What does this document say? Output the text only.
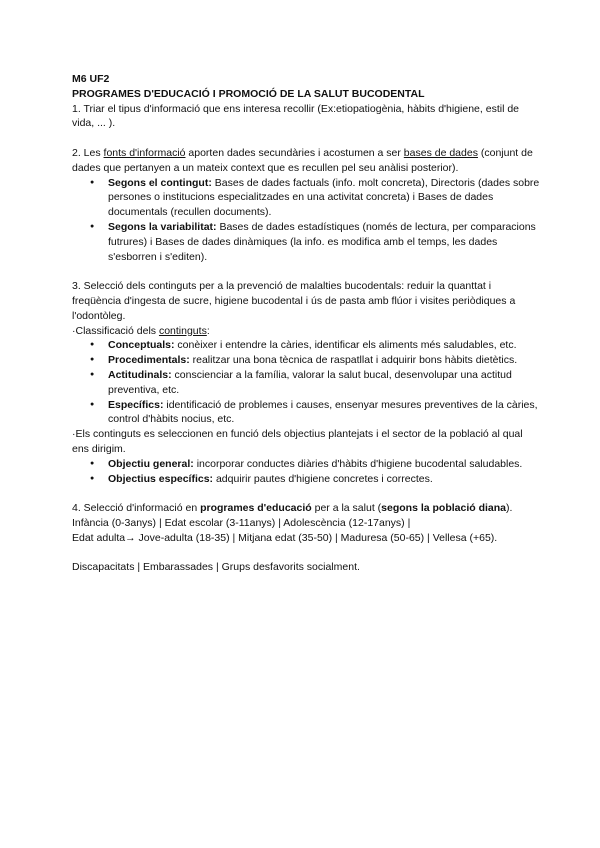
M6 UF2

PROGRAMES D'EDUCACIÓ I PROMOCIÓ DE LA SALUT BUCODENTAL

1. Triar el tipus d'informació que ens interesa recollir (Ex:etiopatiogènia, hàbits d'higiene, estil de vida, ... ).

2. Les fonts d'informació aporten dades secundàries i acostumen a ser bases de dades (conjunt de dades que pertanyen a un mateix context que es recullen pel seu anàlisi posterior).

● Segons el contingut: Bases de dades factuals (info. molt concreta), Directoris (dades sobre persones o institucions especialitzades en una activitat concreta) i Bases de dades documentals (recullen documents).
● Segons la variabilitat: Bases de dades estadístiques (només de lectura, per comparacions futrures) i Bases de dades dinàmiques (la info. es modifica amb el temps, les dades s'esborren i s'editen).

3. Selecció dels continguts per a la prevenció de malalties bucodentals: reduir la quanttat i freqüència d'ingesta de sucre, higiene bucodental i ús de pasta amb flúor i visites periòdiques a l'odontòleg.

·Classificació dels continguts:

● Conceptuals: conèixer i entendre la càries, identificar els aliments més saludables, etc.
● Procedimentals: realitzar una bona tècnica de raspatllat i adquirir bons hàbits dietètics.
● Actitudinals: conscienciar a la família, valorar la salut bucal, desenvolupar una actitud preventiva, etc.
● Específics: identificació de problemes i causes, ensenyar mesures preventives de la càries, control d'hàbits nocius, etc.

·Els continguts es seleccionen en funció dels objectius plantejats i el sector de la població al qual ens dirigim.

● Objectiu general: incorporar conductes diàries d'hàbits d'higiene bucodental saludables.
● Objectius específics: adquirir pautes d'higiene concretes i correctes.

4. Selecció d'informació en programes d'educació per a la salut (segons la població diana).

Infància (0-3anys) | Edat escolar (3-11anys) | Adolescència (12-17anys) |

Edat adulta→ Jove-adulta (18-35) | Mitjana edat (35-50) | Maduresa (50-65) | Vellesa (+65).

Discapacitats | Embarassades | Grups desfavorits socialment.
